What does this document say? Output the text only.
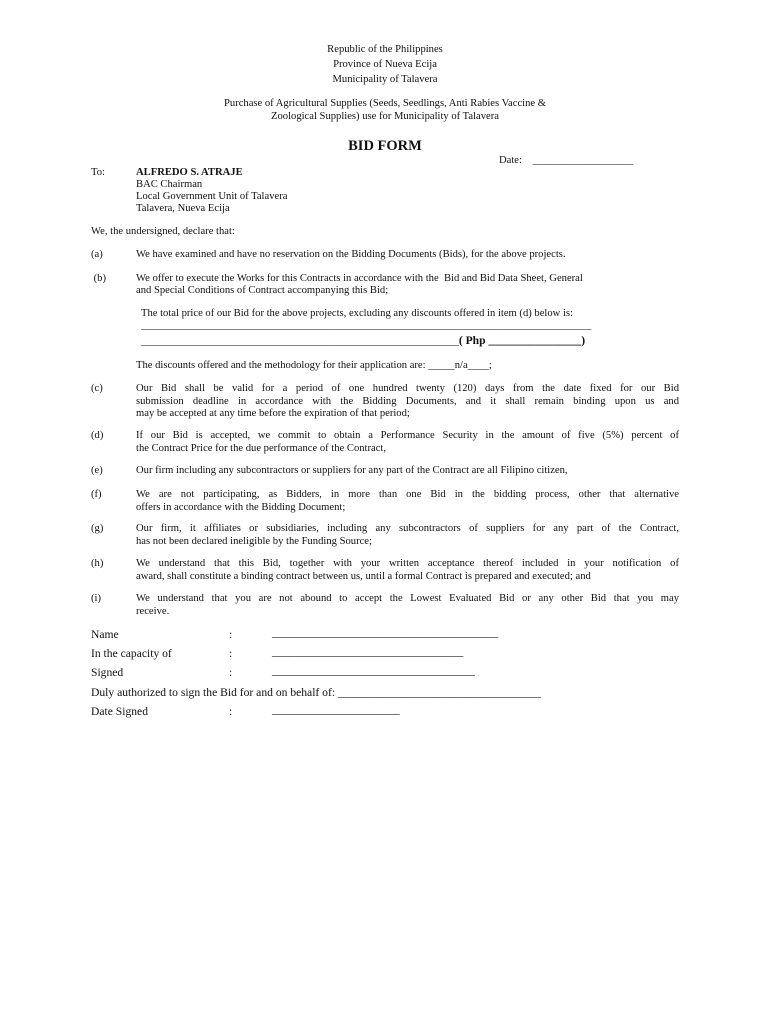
Republic of the Philippines
Province of Nueva Ecija
Municipality of Talavera
Purchase of Agricultural Supplies (Seeds, Seedlings, Anti Rabies Vaccine &
Zoological Supplies) use for Municipality of Talavera
BID FORM
Date: ___________________
To:	ALFREDO S. ATRAJE
BAC Chairman
Local Government Unit of Talavera
Talavera, Nueva Ecija
We, the undersigned, declare that:
(a)	We have examined and have no reservation on the Bidding Documents (Bids), for the above projects.
(b)	We offer to execute the Works for this Contracts in accordance with the  Bid and Bid Data Sheet, General
and Special Conditions of Contract accompanying this Bid;
The total price of our Bid for the above projects, excluding any discounts offered in item (d) below is:
_____________________________________________________________________________________
____________________________________________________________( Php ________________)
The discounts offered and the methodology for their application are: _____n/a____;
(c)	Our Bid shall be valid for a period of one hundred twenty (120) days from the date fixed for our Bid
submission deadline in accordance with the Bidding Documents, and it shall remain binding upon us and
may be accepted at any time before the expiration of that period;
(d)	If our Bid is accepted, we commit to obtain a Performance Security in the amount of five (5%) percent of
the Contract Price for the due performance of the Contract,
(e)	Our firm including any subcontractors or suppliers for any part of the Contract are all Filipino citizen,
(f)	We are not participating, as Bidders, in more than one Bid in the bidding process, other that alternative
offers in accordance with the Bidding Document;
(g)	Our firm, it affiliates or subsidiaries, including any subcontractors of suppliers for any part of the Contract,
has not been declared ineligible by the Funding Source;
(h)	We understand that this Bid, together with your written acceptance thereof included in your notification of
award, shall constitute a binding contract between us, until a formal Contract is prepared and executed; and
(i)	We understand that you are not abound to accept the Lowest Evaluated Bid or any other Bid that you may
receive.
Name	:	_______________________________________
In the capacity of	:	_________________________________
Signed	:	___________________________________
Duly authorized to sign the Bid for and on behalf of: ___________________________________
Date Signed	:	______________________
